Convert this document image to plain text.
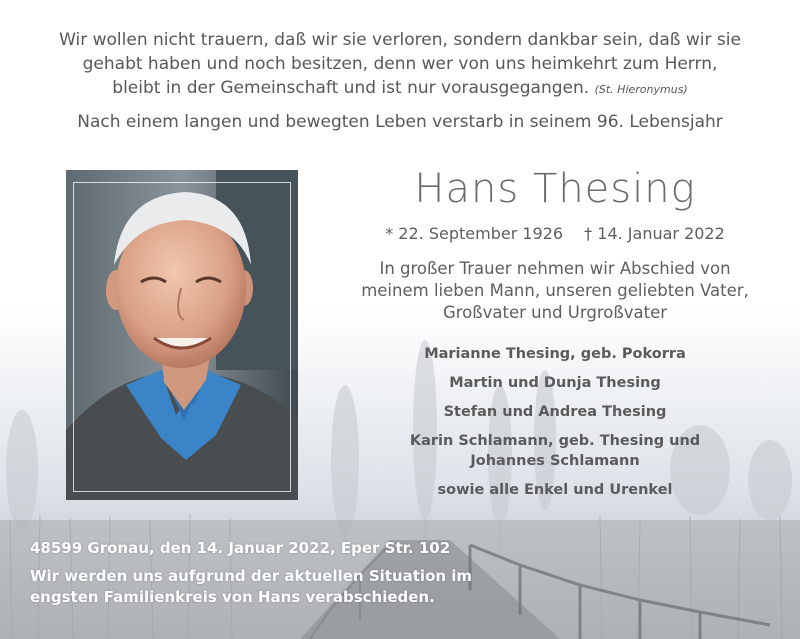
Wir wollen nicht trauern, daß wir sie verloren, sondern dankbar sein, daß wir sie
gehabt haben und noch besitzen, denn wer von uns heimkehrt zum Herrn,
bleibt in der Gemeinschaft und ist nur vorausgegangen. (St. Hieronymus)

Nach einem langen und bewegten Leben verstarb in seinem 96. Lebensjahr

Hans Thesing

* 22. September 1926 † 14. Januar 2022

In großer Trauer nehmen wir Abschied von
meinem lieben Mann, unseren geliebten Vater,
Großvater und Urgroßvater

Marianne Thesing, geb. Pokorra
Martin und Dunja Thesing
Stefan und Andrea Thesing
Karin Schlamann, geb. Thesing und
Johannes Schlamann
sowie alle Enkel und Urenkel

48599 Gronau, den 14. Januar 2022, Eper Str. 102

Wir werden uns aufgrund der aktuellen Situation im
engsten Familienkreis von Hans verabschieden.
